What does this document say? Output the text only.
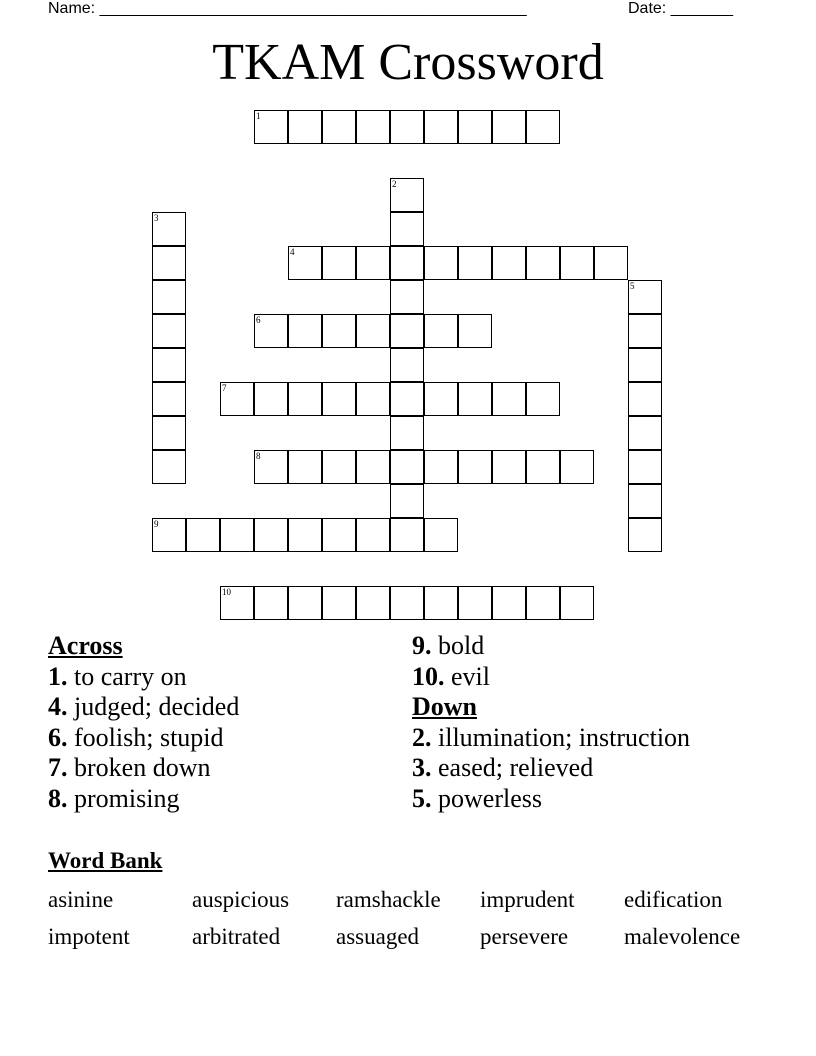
Name: ________________________________________________	Date: _______
TKAM Crossword
1
2
3
4
5
6
7
8
9
10
Across
1. to carry on
4. judged; decided
6. foolish; stupid
7. broken down
8. promising
9. bold
10. evil
Down
2. illumination; instruction
3. eased; relieved
5. powerless
Word Bank
asinine	auspicious	ramshackle	imprudent	edification
impotent	arbitrated	assuaged	persevere	malevolence
